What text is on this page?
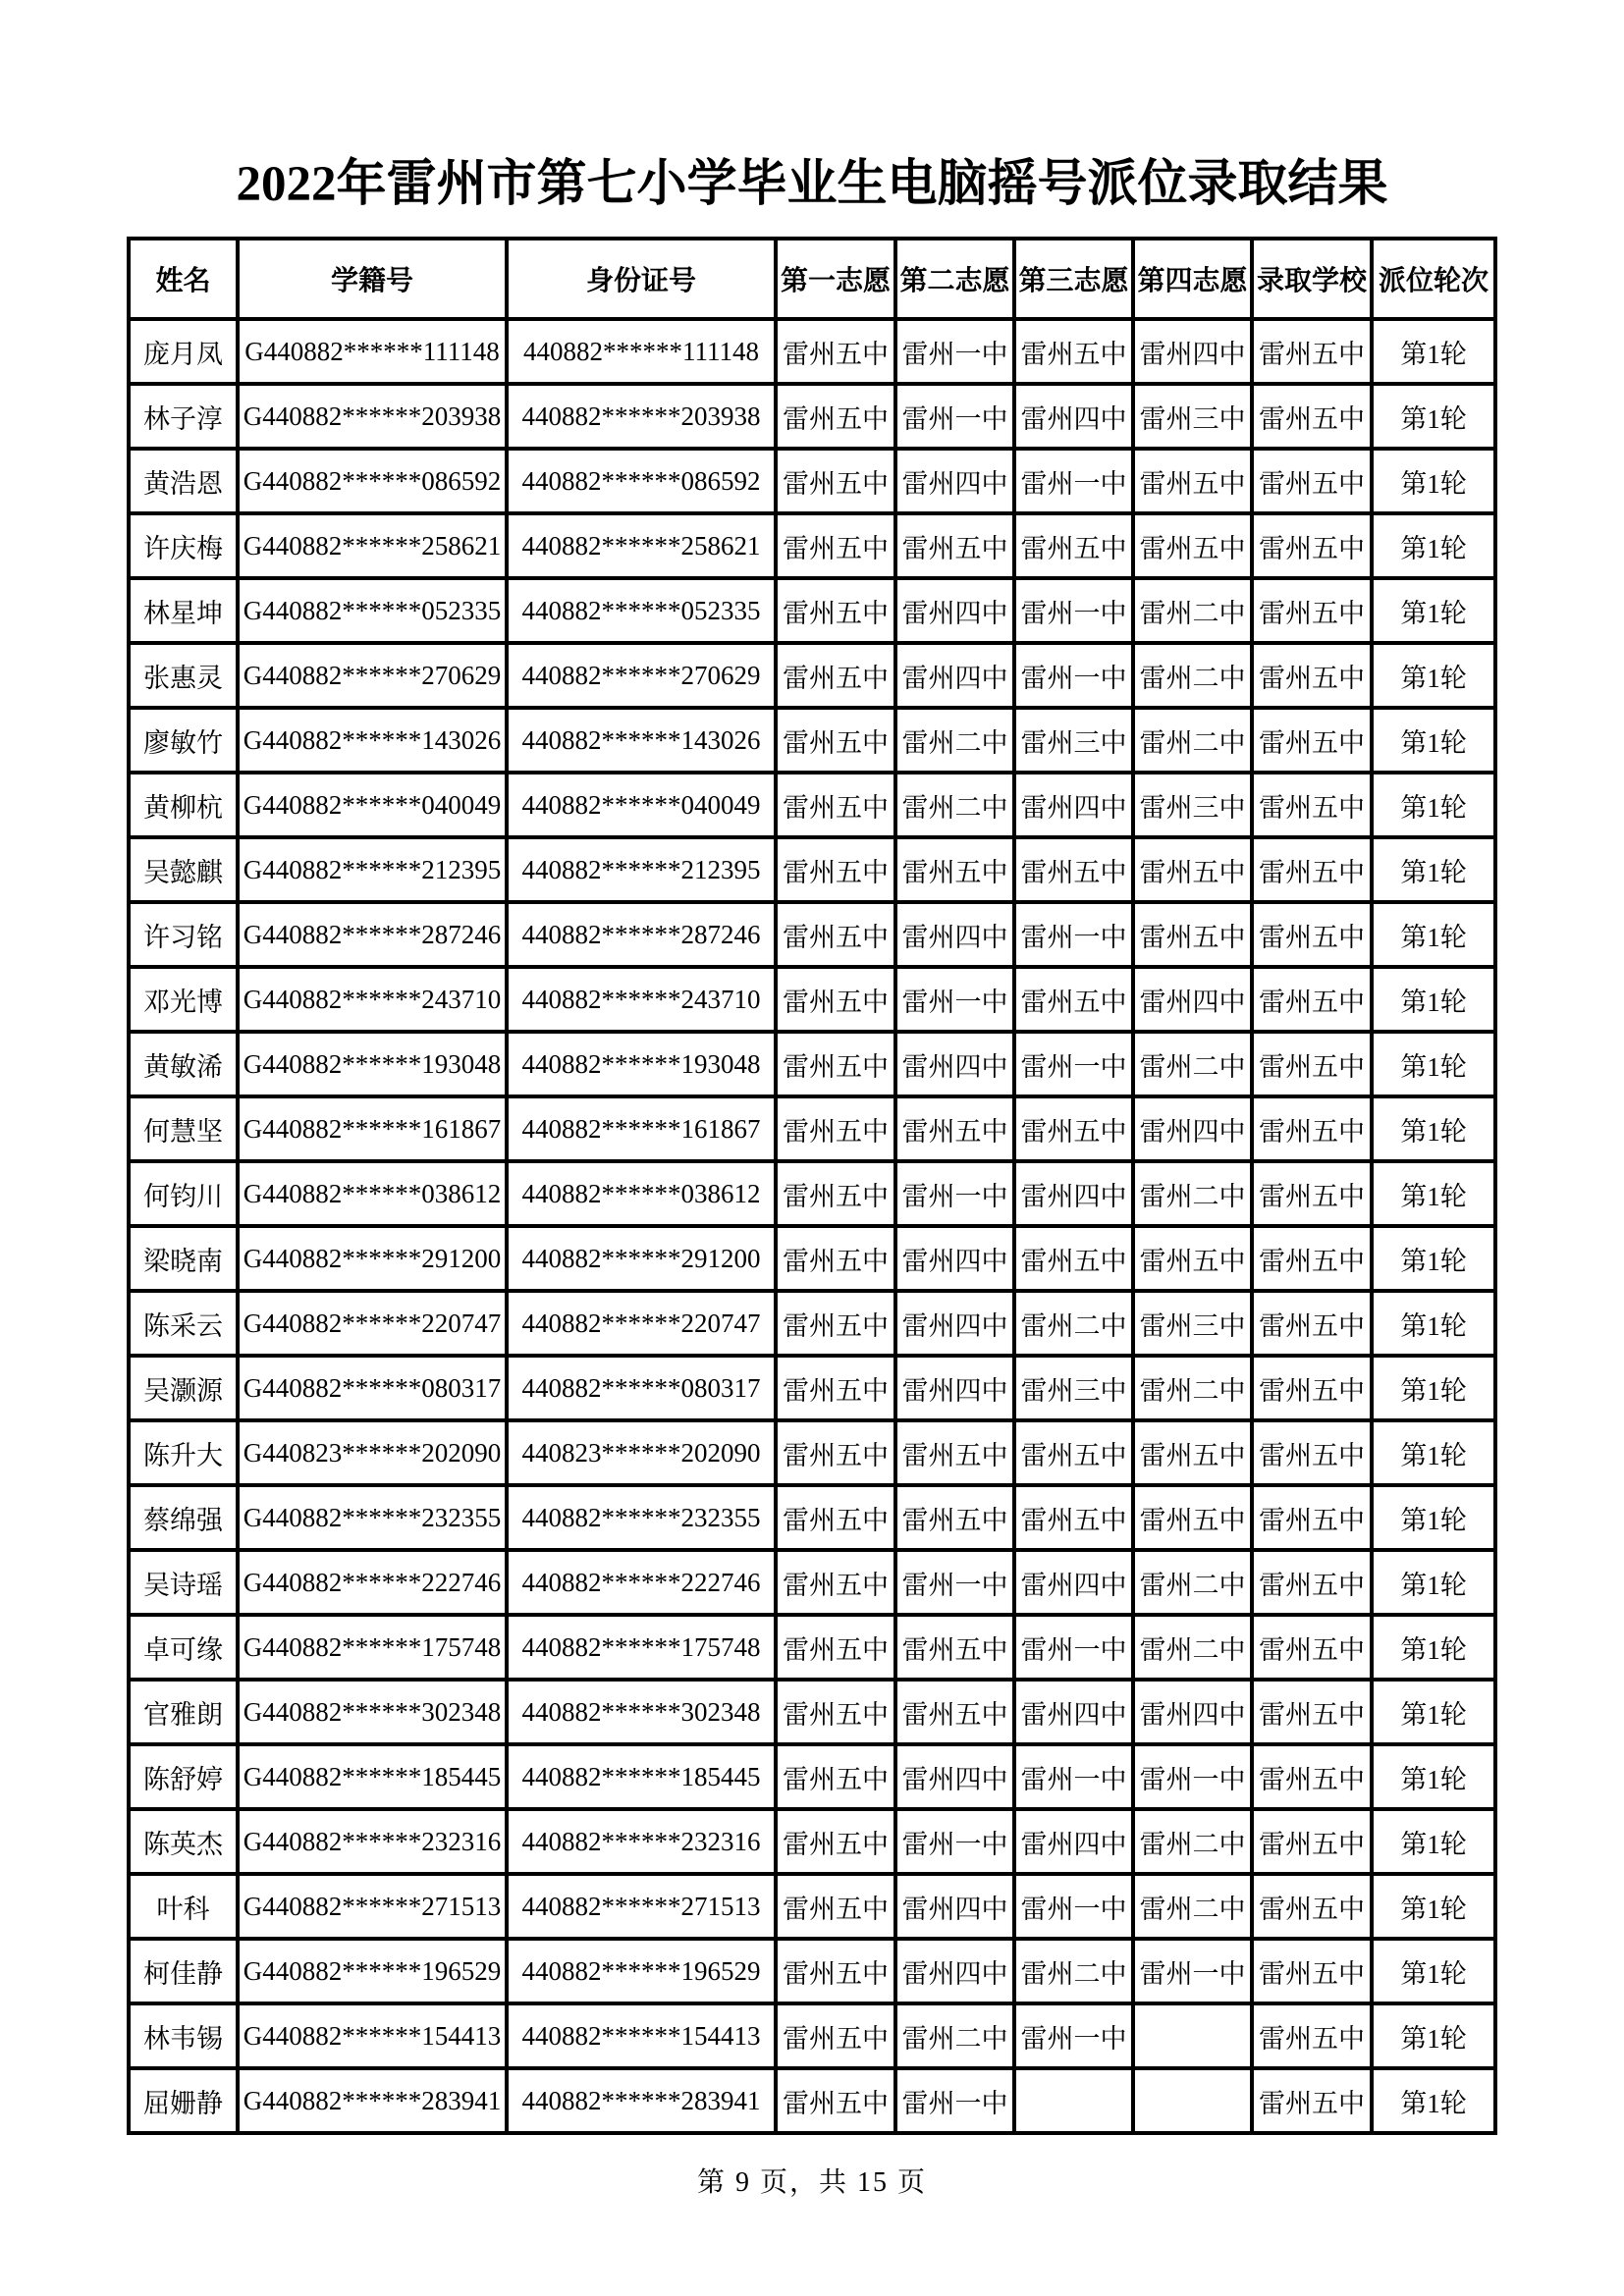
2022年雷州市第七小学毕业生电脑摇号派位录取结果
姓名	学籍号	身份证号	第一志愿	第二志愿	第三志愿	第四志愿	录取学校	派位轮次
庞月凤	G440882******111148	440882******111148	雷州五中	雷州一中	雷州五中	雷州四中	雷州五中	第1轮
林子淳	G440882******203938	440882******203938	雷州五中	雷州一中	雷州四中	雷州三中	雷州五中	第1轮
黄浩恩	G440882******086592	440882******086592	雷州五中	雷州四中	雷州一中	雷州五中	雷州五中	第1轮
许庆梅	G440882******258621	440882******258621	雷州五中	雷州五中	雷州五中	雷州五中	雷州五中	第1轮
林星坤	G440882******052335	440882******052335	雷州五中	雷州四中	雷州一中	雷州二中	雷州五中	第1轮
张惠灵	G440882******270629	440882******270629	雷州五中	雷州四中	雷州一中	雷州二中	雷州五中	第1轮
廖敏竹	G440882******143026	440882******143026	雷州五中	雷州二中	雷州三中	雷州二中	雷州五中	第1轮
黄柳杭	G440882******040049	440882******040049	雷州五中	雷州二中	雷州四中	雷州三中	雷州五中	第1轮
吴懿麒	G440882******212395	440882******212395	雷州五中	雷州五中	雷州五中	雷州五中	雷州五中	第1轮
许习铭	G440882******287246	440882******287246	雷州五中	雷州四中	雷州一中	雷州五中	雷州五中	第1轮
邓光博	G440882******243710	440882******243710	雷州五中	雷州一中	雷州五中	雷州四中	雷州五中	第1轮
黄敏浠	G440882******193048	440882******193048	雷州五中	雷州四中	雷州一中	雷州二中	雷州五中	第1轮
何慧坚	G440882******161867	440882******161867	雷州五中	雷州五中	雷州五中	雷州四中	雷州五中	第1轮
何钧川	G440882******038612	440882******038612	雷州五中	雷州一中	雷州四中	雷州二中	雷州五中	第1轮
梁晓南	G440882******291200	440882******291200	雷州五中	雷州四中	雷州五中	雷州五中	雷州五中	第1轮
陈采云	G440882******220747	440882******220747	雷州五中	雷州四中	雷州二中	雷州三中	雷州五中	第1轮
吴灏源	G440882******080317	440882******080317	雷州五中	雷州四中	雷州三中	雷州二中	雷州五中	第1轮
陈升大	G440823******202090	440823******202090	雷州五中	雷州五中	雷州五中	雷州五中	雷州五中	第1轮
蔡绵强	G440882******232355	440882******232355	雷州五中	雷州五中	雷州五中	雷州五中	雷州五中	第1轮
吴诗瑶	G440882******222746	440882******222746	雷州五中	雷州一中	雷州四中	雷州二中	雷州五中	第1轮
卓可缘	G440882******175748	440882******175748	雷州五中	雷州五中	雷州一中	雷州二中	雷州五中	第1轮
官雅朗	G440882******302348	440882******302348	雷州五中	雷州五中	雷州四中	雷州四中	雷州五中	第1轮
陈舒婷	G440882******185445	440882******185445	雷州五中	雷州四中	雷州一中	雷州一中	雷州五中	第1轮
陈英杰	G440882******232316	440882******232316	雷州五中	雷州一中	雷州四中	雷州二中	雷州五中	第1轮
叶科	G440882******271513	440882******271513	雷州五中	雷州四中	雷州一中	雷州二中	雷州五中	第1轮
柯佳静	G440882******196529	440882******196529	雷州五中	雷州四中	雷州二中	雷州一中	雷州五中	第1轮
林韦锡	G440882******154413	440882******154413	雷州五中	雷州二中	雷州一中		雷州五中	第1轮
屈姗静	G440882******283941	440882******283941	雷州五中	雷州一中			雷州五中	第1轮
第 9 页，共 15 页
